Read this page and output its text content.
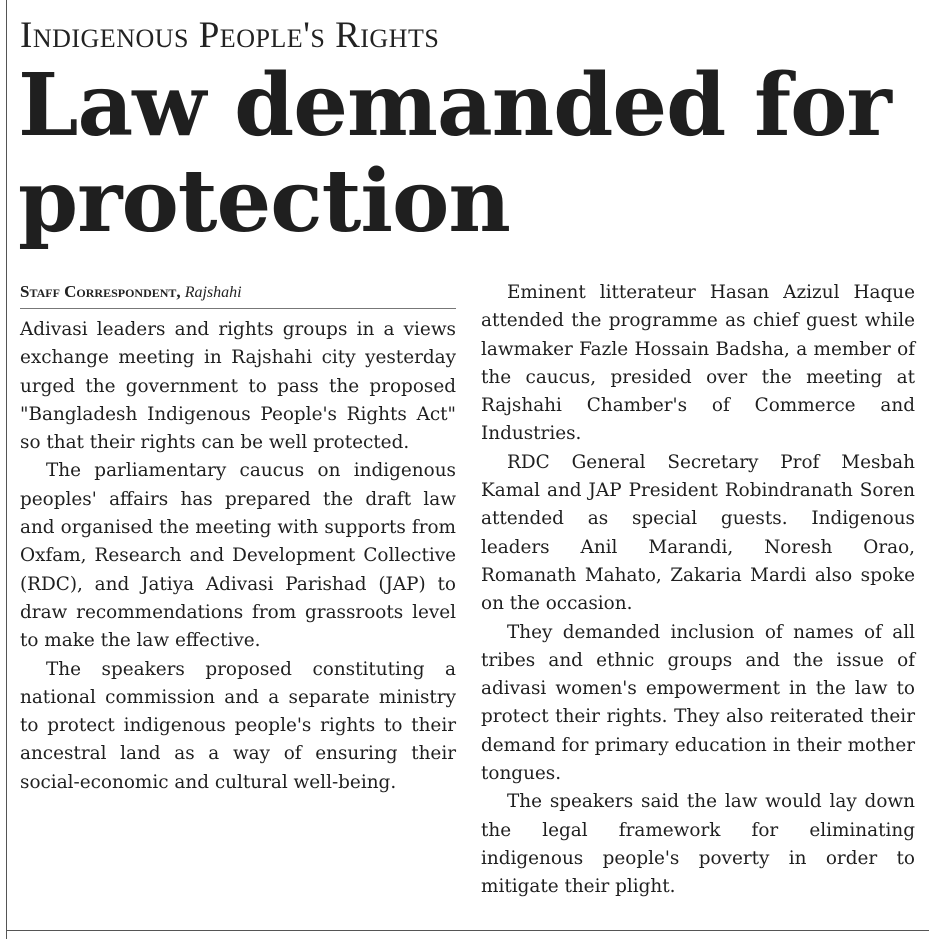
Indigenous People's Rights
Law demanded for protection
Staff Correspondent, Rajshahi

Adivasi leaders and rights groups in a views exchange meeting in Rajshahi city yesterday urged the government to pass the proposed "Bangladesh Indigenous People's Rights Act" so that their rights can be well protected.

The parliamentary caucus on indigenous peoples' affairs has prepared the draft law and organised the meeting with supports from Oxfam, Research and Development Collective (RDC), and Jatiya Adivasi Parishad (JAP) to draw recommendations from grassroots level to make the law effective.

The speakers proposed constituting a national commission and a separate ministry to protect indigenous people's rights to their ancestral land as a way of ensuring their social-economic and cultural well-being.

Eminent litterateur Hasan Azizul Haque attended the programme as chief guest while lawmaker Fazle Hossain Badsha, a member of the caucus, presided over the meeting at Rajshahi Chamber's of Commerce and Industries.

RDC General Secretary Prof Mesbah Kamal and JAP President Robindranath Soren attended as special guests. Indigenous leaders Anil Marandi, Noresh Orao, Romanath Mahato, Zakaria Mardi also spoke on the occasion.

They demanded inclusion of names of all tribes and ethnic groups and the issue of adivasi women's empowerment in the law to protect their rights. They also reiterated their demand for primary education in their mother tongues.

The speakers said the law would lay down the legal framework for eliminating indigenous people's poverty in order to mitigate their plight.
